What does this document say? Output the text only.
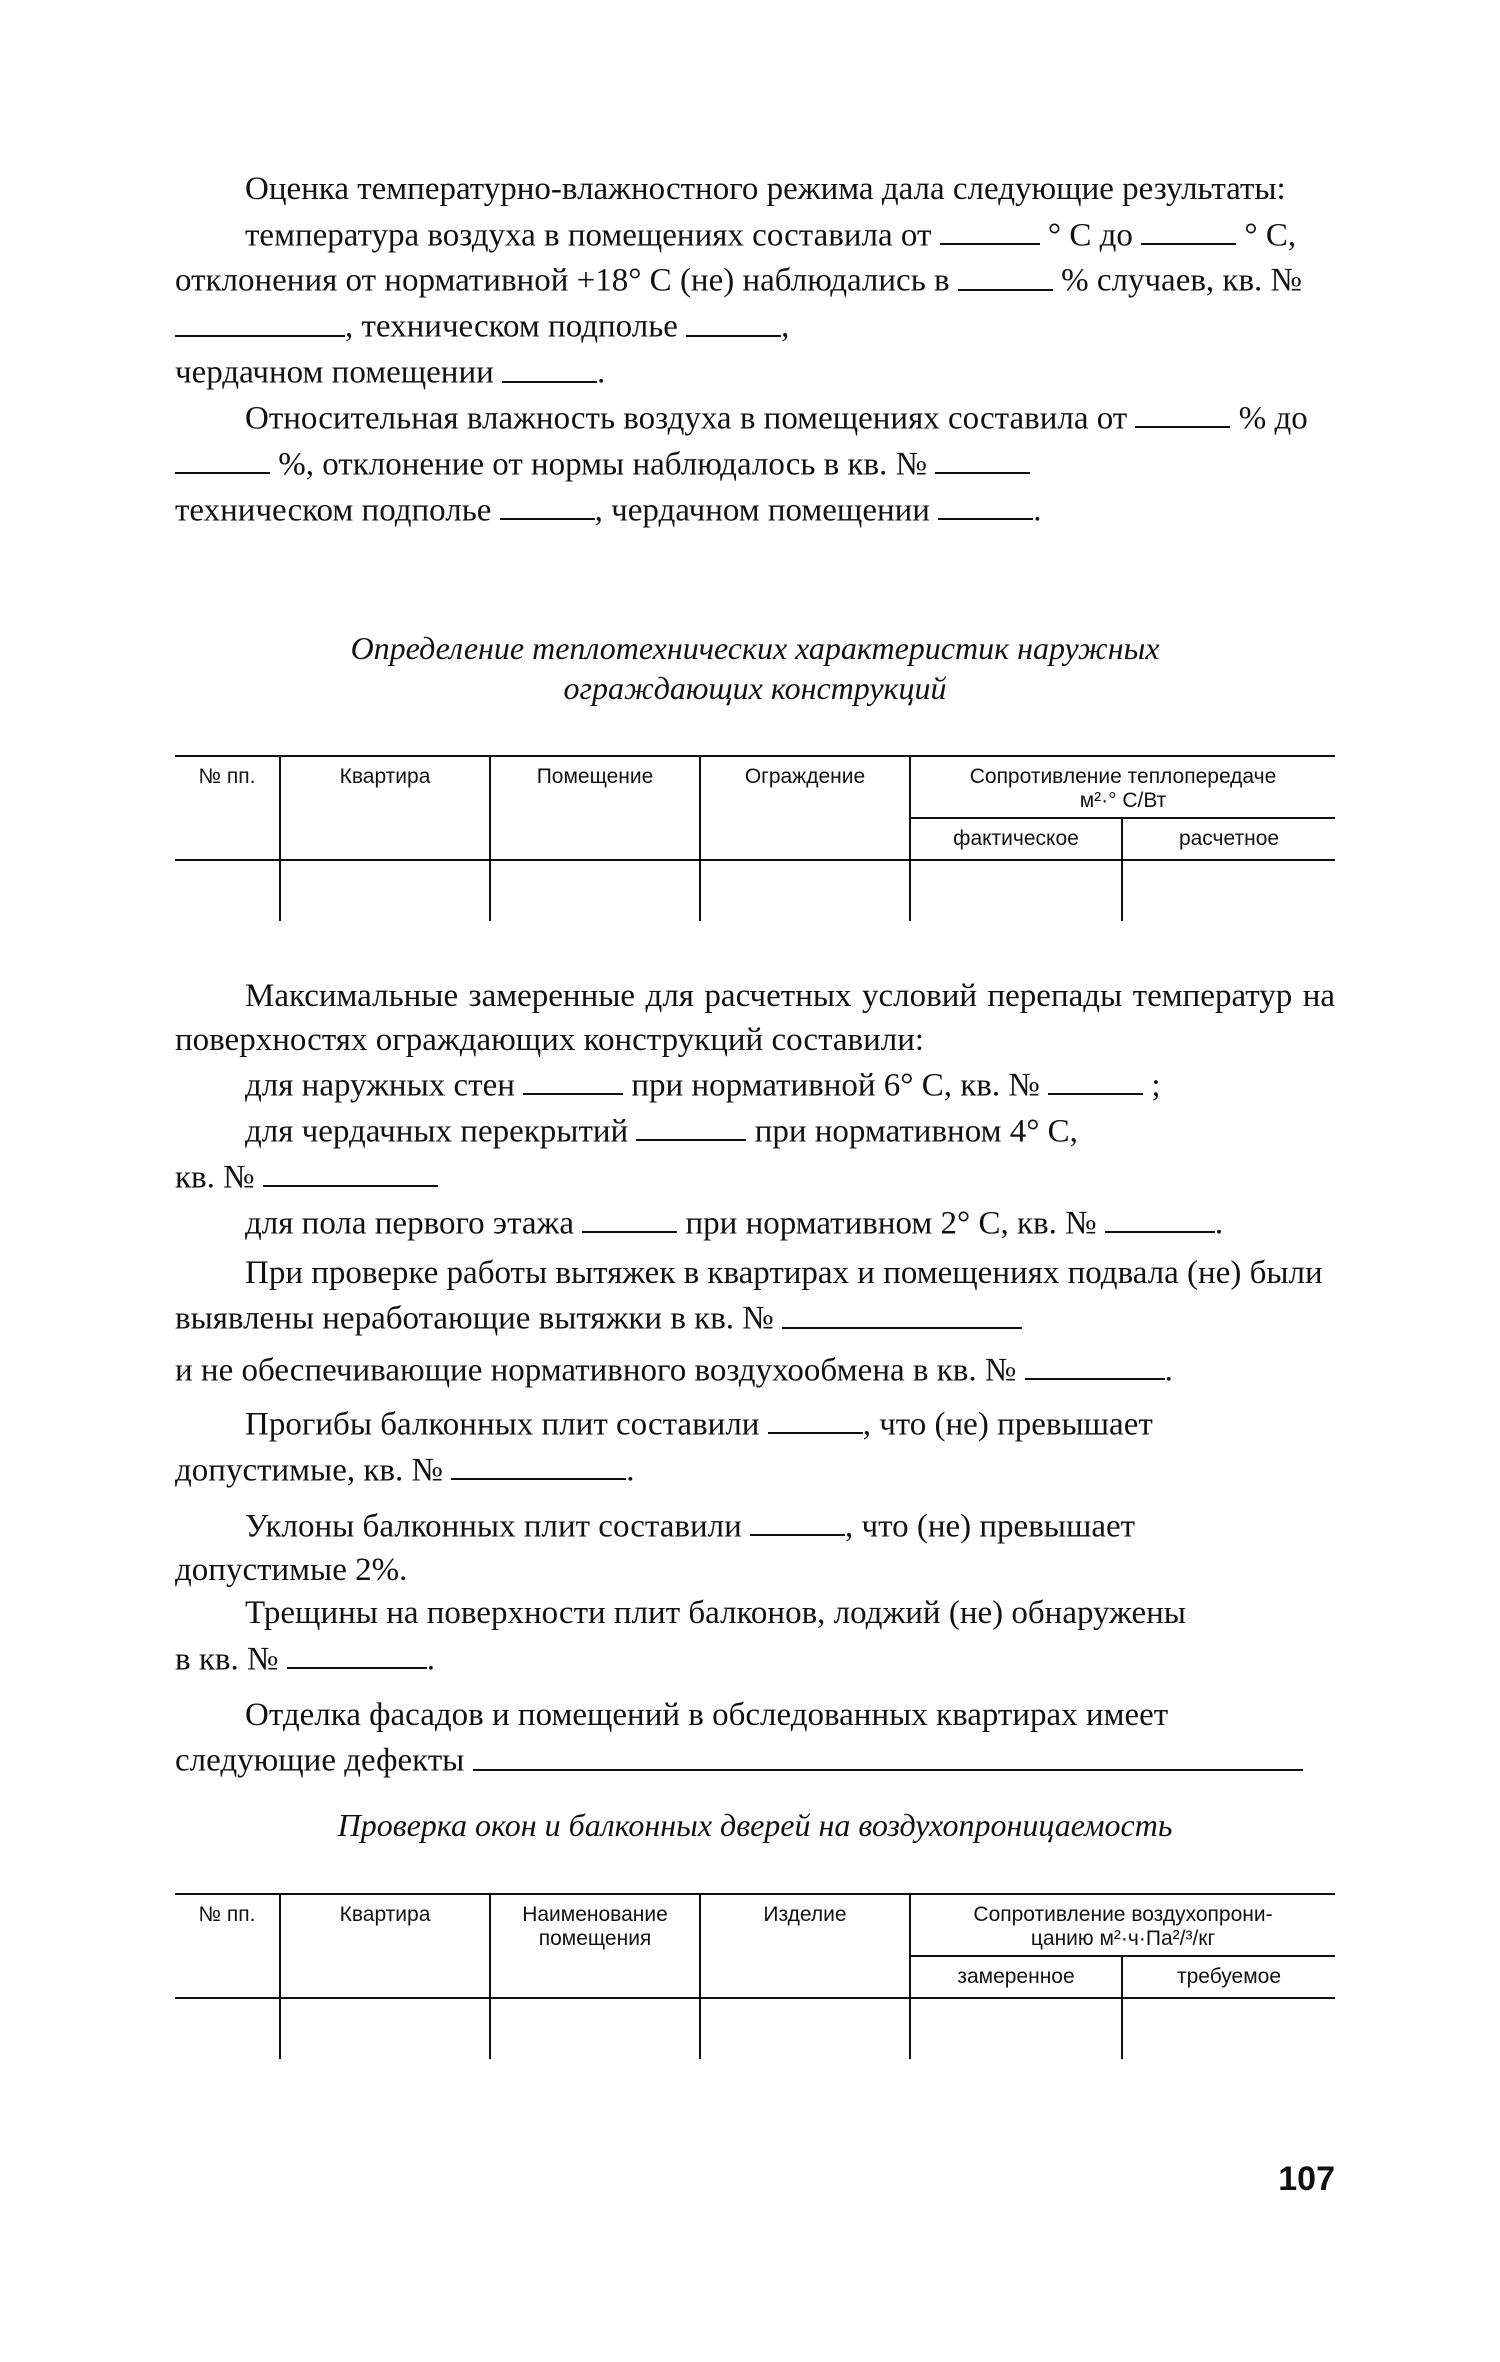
Оценка температурно-влажностного режима дала следующие результаты:

температура воздуха в помещениях составила от	° С до	° С, отклонения от нормативной +18° С (не) наблюдались в	% случаев, кв. № , техническом подполье	,

чердачном помещении	.

Относительная влажность воздуха в помещениях составила от	% до  %, отклонение от нормы наблюдалось в кв. №
техническом подполье	, чердачном помещении	.

Определение теплотехнических характеристик наружных
ограждающих конструкций
№ пп.	Квартира	Помещение	Ограждение	Сопротивление теплопередаче
м²·° С/Вт	

				фактическое	расчетное

Максимальные замеренные для расчетных условий перепады температур на поверхностях ограждающих конструкций составили:

для наружных стен	при нормативной 6° С, кв. №	;

для чердачных перекрытий	при нормативном 4° С,
кв. №

для пола первого этажа	при нормативном 2° С, кв. №	.

При проверке работы вытяжек в квартирах и помещениях подвала (не) были выявлены неработающие вытяжки в кв. №

и не обеспечивающие нормативного воздухообмена в кв. №	.

Прогибы балконных плит составили	, что (не) превышает
допустимые, кв. №	.

Уклоны балконных плит составили	, что (не) превышает
допустимые 2%.

Трещины на поверхности плит балконов, лоджий (не) обнаружены
в кв. №	.

Отделка фасадов и помещений в обследованных квартирах имеет
следующие дефекты

Проверка окон и балконных дверей на воздухопроницаемость
№ пп.	Квартира	Наименование помещения	Изделие	Сопротивление воздухопрони-
цанию м²·ч·Па²/³/кг	

				замеренное	требуемое

107
